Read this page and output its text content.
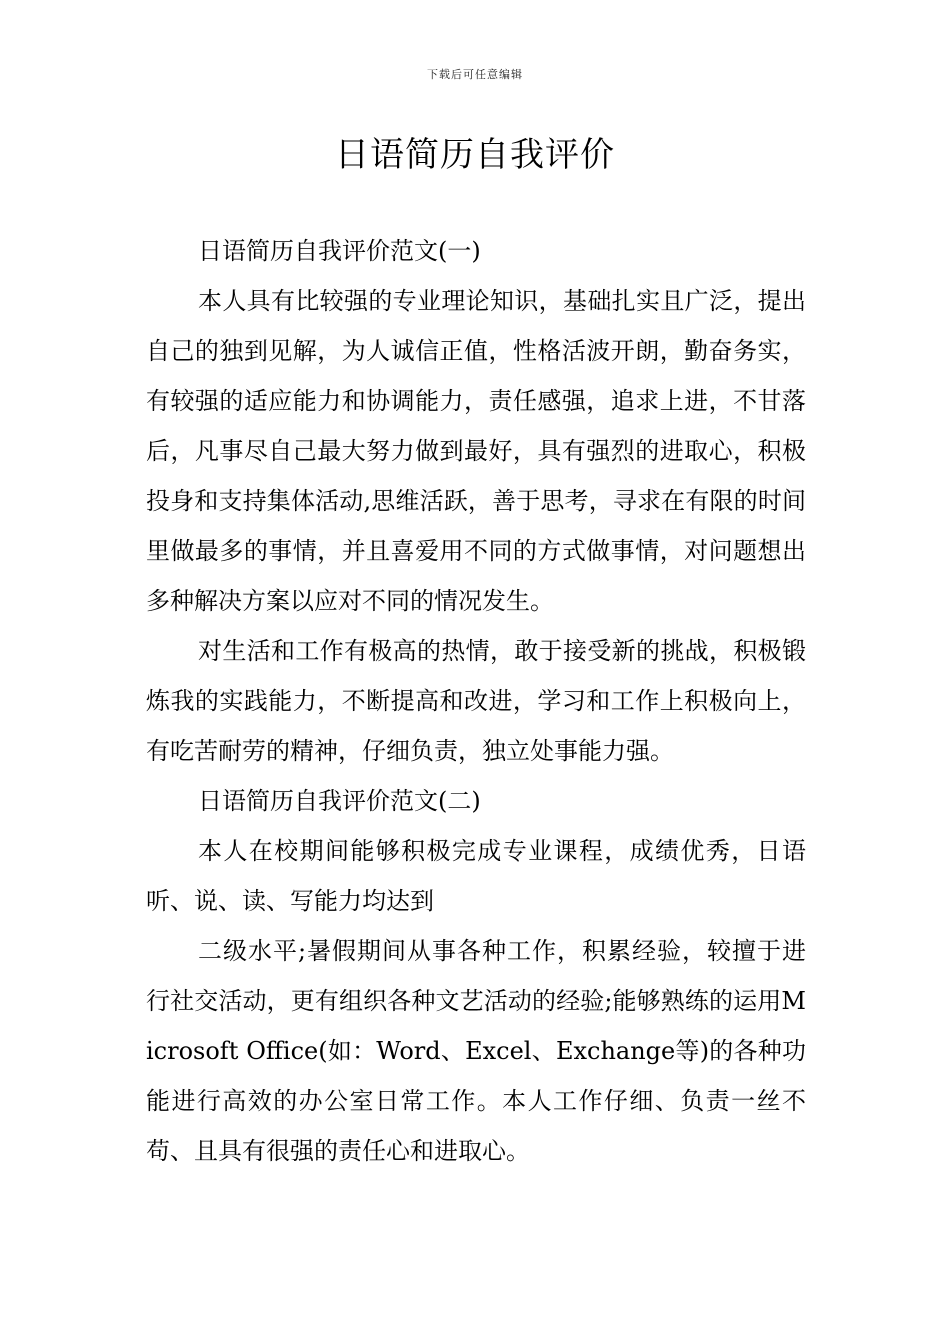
下载后可任意编辑
日语简历自我评价

日语简历自我评价范文(一)

本人具有比较强的专业理论知识，基础扎实且广泛，提出自己的独到见解，为人诚信正值，性格活波开朗，勤奋务实，有较强的适应能力和协调能力，责任感强，追求上进，不甘落后，凡事尽自己最大努力做到最好，具有强烈的进取心，积极投身和支持集体活动,思维活跃，善于思考，寻求在有限的时间里做最多的事情，并且喜爱用不同的方式做事情，对问题想出多种解决方案以应对不同的情况发生。

对生活和工作有极高的热情，敢于接受新的挑战，积极锻炼我的实践能力，不断提高和改进，学习和工作上积极向上，有吃苦耐劳的精神，仔细负责，独立处事能力强。

日语简历自我评价范文(二)

本人在校期间能够积极完成专业课程，成绩优秀，日语听、说、读、写能力均达到

二级水平;暑假期间从事各种工作，积累经验，较擅于进行社交活动，更有组织各种文艺活动的经验;能够熟练的运用Microsoft Office(如：Word、Excel、Exchange等)的各种功能进行高效的办公室日常工作。本人工作仔细、负责一丝不苟、且具有很强的责任心和进取心。
